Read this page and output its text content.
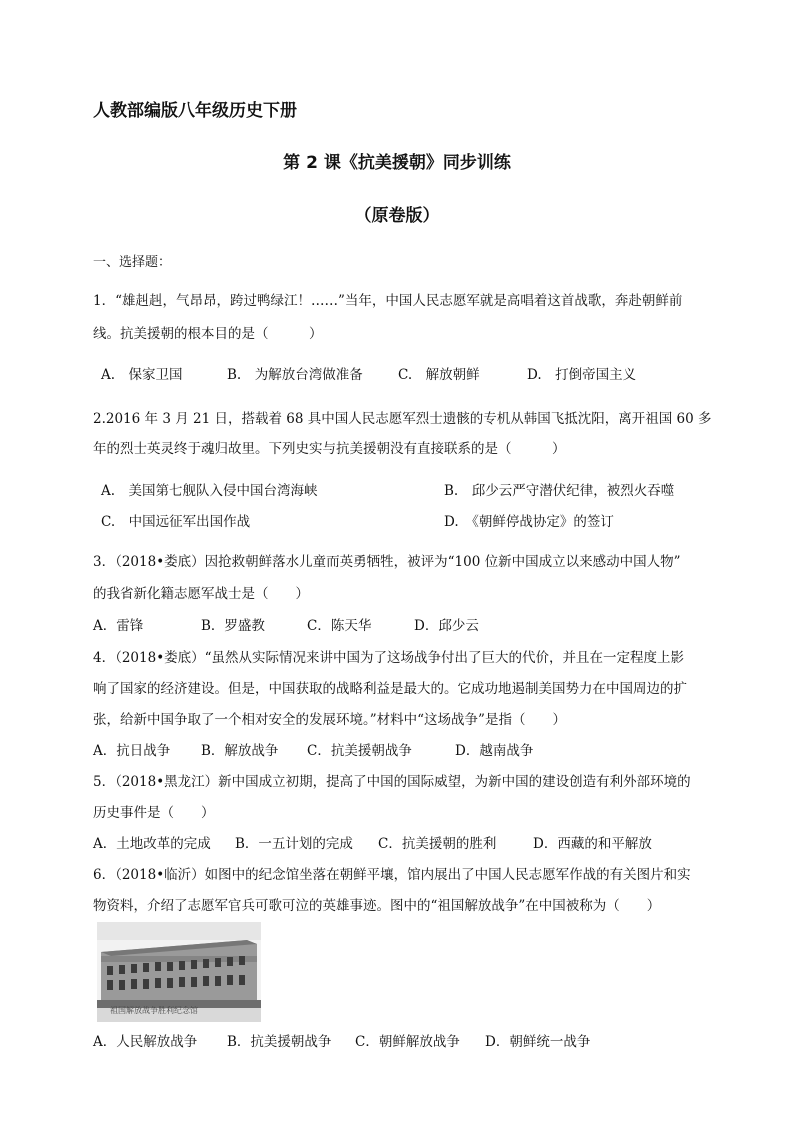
人教部编版八年级历史下册
第 2 课《抗美援朝》同步训练
（原卷版）
一、选择题：
1．“雄赳赳，气昂昂，跨过鸭绿江！……”当年，中国人民志愿军就是高唱着这首战歌，奔赴朝鲜前
线。抗美援朝的根本目的是（　　　）
A.　保家卫国	B.　为解放台湾做准备	C.　解放朝鲜	D.　打倒帝国主义
2.2016 年 3 月 21 日，搭载着 68 具中国人民志愿军烈士遗骸的专机从韩国飞抵沈阳，离开祖国 60 多
年的烈士英灵终于魂归故里。下列史实与抗美援朝没有直接联系的是（　　　）
A.　美国第七舰队入侵中国台湾海峡	B.　邱少云严守潜伏纪律，被烈火吞噬
C.　中国远征军出国作战	D.　《朝鲜停战协定》的签订
3．（2018•娄底）因抢救朝鲜落水儿童而英勇牺牲，被评为“100 位新中国成立以来感动中国人物”
的我省新化籍志愿军战士是（　　）
A．雷锋	B．罗盛教	C．陈天华	D．邱少云
4．（2018•娄底）“虽然从实际情况来讲中国为了这场战争付出了巨大的代价，并且在一定程度上影
响了国家的经济建设。但是，中国获取的战略利益是最大的。它成功地遏制美国势力在中国周边的扩
张，给新中国争取了一个相对安全的发展环境。”材料中“这场战争”是指（　　）
A．抗日战争 B．解放战争 C．抗美援朝战争	D．越南战争
5．（2018•黑龙江）新中国成立初期，提高了中国的国际威望，为新中国的建设创造有利外部环境的
历史事件是（　　）
A．土地改革的完成 B．一五计划的完成 C．抗美援朝的胜利	D．西藏的和平解放
6．（2018•临沂）如图中的纪念馆坐落在朝鲜平壤，馆内展出了中国人民志愿军作战的有关图片和实
物资料，介绍了志愿军官兵可歌可泣的英雄事迹。图中的“祖国解放战争”在中国被称为（　　）
祖国解放战争胜利纪念馆
A．人民解放战争 B．抗美援朝战争 C．朝鲜解放战争 D．朝鲜统一战争
